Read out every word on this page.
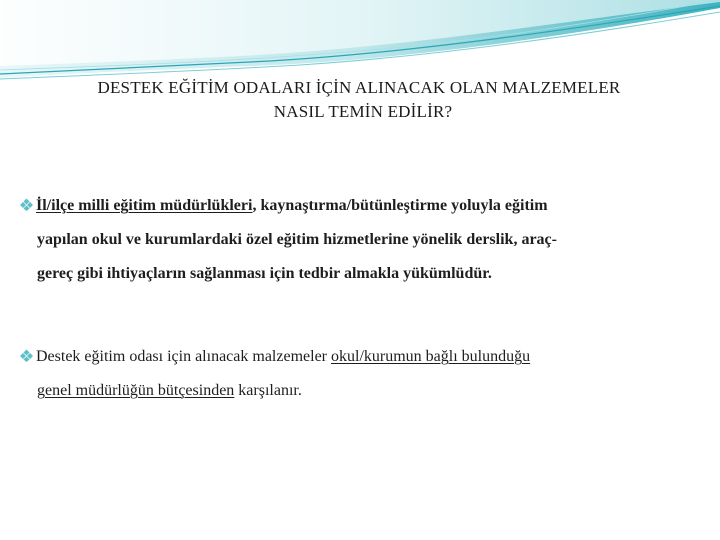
DESTEK EĞİTİM ODALARI İÇİN ALINACAK OLAN MALZEMELER
NASIL TEMİN EDİLİR?
İl/ilçe milli eğitim müdürlükleri, kaynaştırma/bütünleştirme yoluyla eğitim
yapılan okul ve kurumlardaki özel eğitim hizmetlerine yönelik derslik, araç-
gereç gibi ihtiyaçların sağlanması için tedbir almakla yükümlüdür.
Destek eğitim odası için alınacak malzemeler okul/kurumun bağlı bulunduğu
genel müdürlüğün bütçesinden karşılanır.
